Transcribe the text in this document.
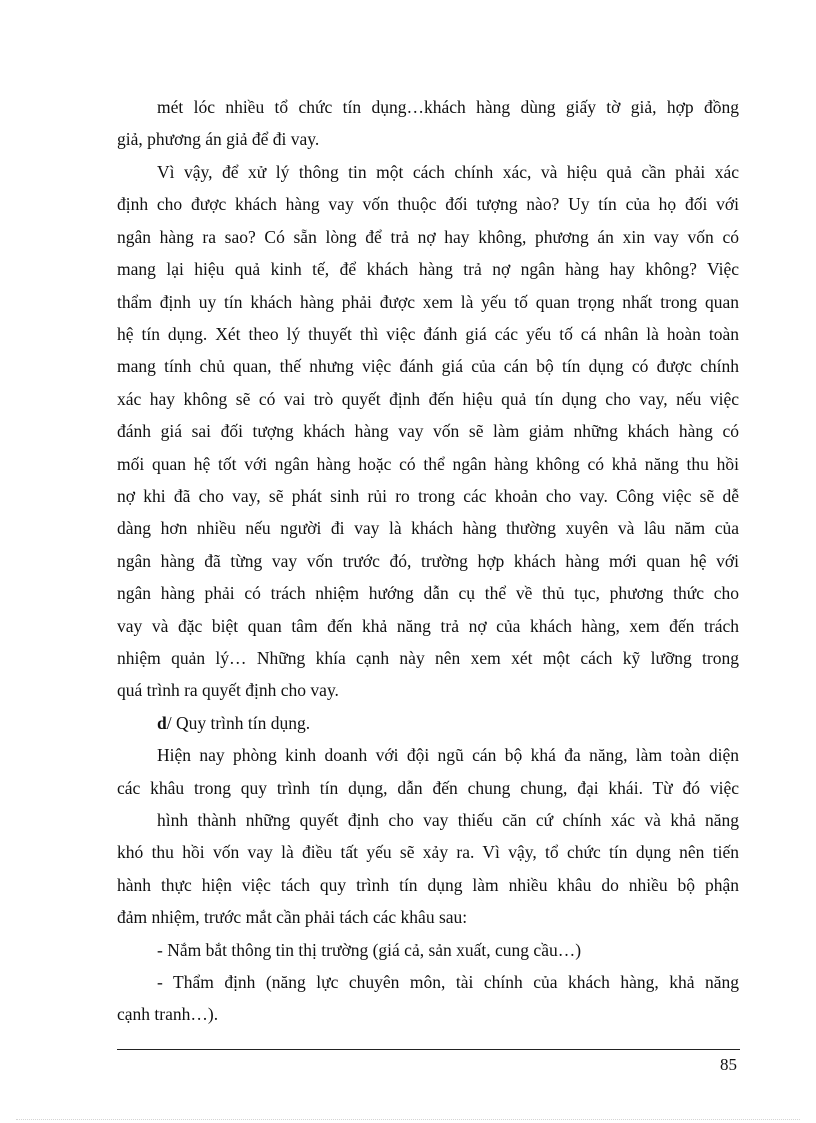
mét lóc nhiều tổ chức tín dụng…khách hàng dùng giấy tờ giả, hợp đồng
giả, phương án giả để đi vay.
Vì vậy, để xử lý thông tin một cách chính xác, và hiệu quả cần phải xác
định cho được khách hàng vay vốn thuộc đối tượng nào? Uy tín của họ đối với
ngân hàng ra sao? Có sẵn lòng để trả nợ hay không, phương án xin vay vốn có
mang lại hiệu quả kinh tế, để khách hàng trả nợ ngân hàng hay không? Việc
thẩm định uy tín khách hàng phải được xem là yếu tố quan trọng nhất trong quan
hệ tín dụng. Xét theo lý thuyết thì việc đánh giá các yếu tố cá nhân là hoàn toàn
mang tính chủ quan, thế nhưng việc đánh giá của cán bộ tín dụng có được chính
xác hay không sẽ có vai trò quyết định đến hiệu quả tín dụng cho vay, nếu việc
đánh giá sai đối tượng khách hàng vay vốn sẽ làm giảm những khách hàng có
mối quan hệ tốt với ngân hàng hoặc có thể ngân hàng không có khả năng thu hồi
nợ khi đã cho vay, sẽ phát sinh rủi ro trong các khoản cho vay. Công việc sẽ dễ
dàng hơn nhiều nếu người đi vay là khách hàng thường xuyên và lâu năm của
ngân hàng đã từng vay vốn trước đó, trường hợp khách hàng mới quan hệ với
ngân hàng phải có trách nhiệm hướng dẫn cụ thể về thủ tục, phương thức cho
vay và đặc biệt quan tâm đến khả năng trả nợ của khách hàng, xem đến trách
nhiệm quản lý… Những khía cạnh này nên xem xét một cách kỹ lưỡng trong
quá trình ra quyết định cho vay.
d/ Quy trình tín dụng.
Hiện nay phòng kinh doanh với đội ngũ cán bộ khá đa năng, làm toàn diện
các khâu trong quy trình tín dụng, dẫn đến chung chung, đại khái. Từ đó việc
hình thành những quyết định cho vay thiếu căn cứ chính xác và khả năng
khó thu hồi vốn vay là điều tất yếu sẽ xảy ra. Vì vậy, tổ chức tín dụng nên tiến
hành thực hiện việc tách quy trình tín dụng làm nhiều khâu do nhiều bộ phận
đảm nhiệm, trước mắt cần phải tách các khâu sau:
- Nắm bắt thông tin thị trường (giá cả, sản xuất, cung cầu…)
- Thẩm định (năng lực chuyên môn, tài chính của khách hàng, khả năng
cạnh tranh…).
85
